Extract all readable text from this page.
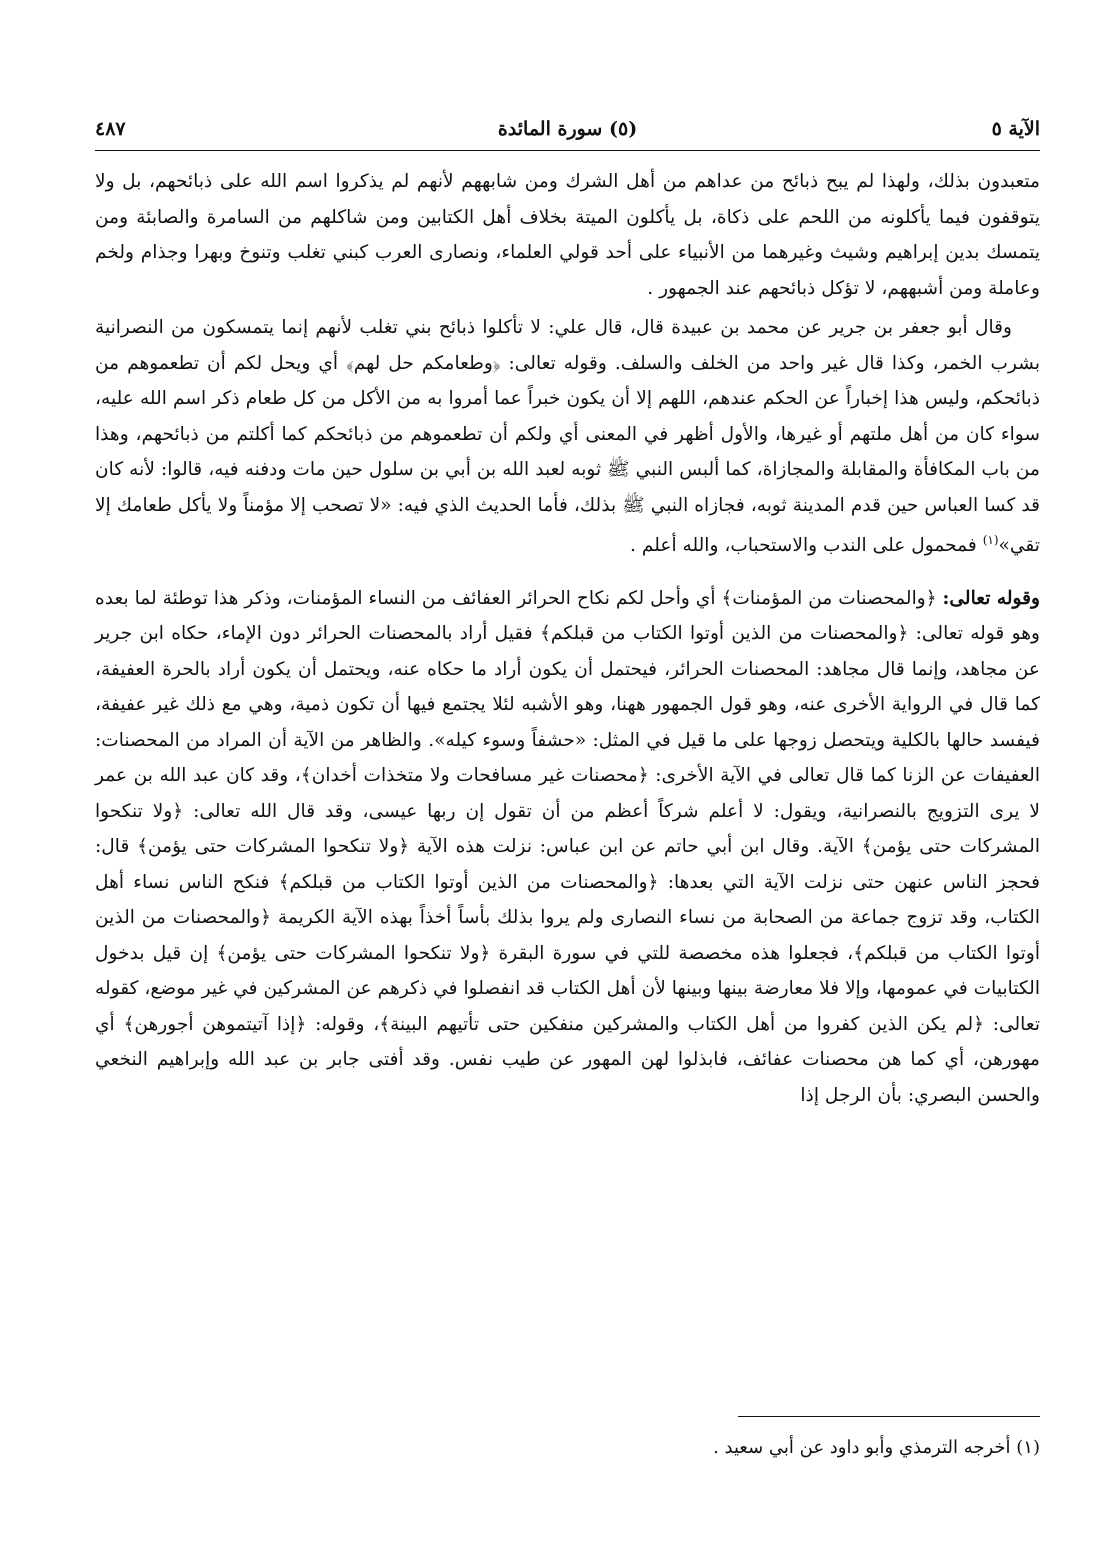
الآية ٥
(٥) سورة المائدة
٤٨٧

متعبدون بذلك، ولهذا لم يبح ذبائح من عداهم من أهل الشرك ومن شابههم لأنهم لم يذكروا اسم الله على ذبائحهم، بل ولا يتوقفون فيما يأكلونه من اللحم على ذكاة، بل يأكلون الميتة بخلاف أهل الكتابين ومن شاكلهم من السامرة والصابئة ومن يتمسك بدين إبراهيم وشيث وغيرهما من الأنبياء على أحد قولي العلماء، ونصارى العرب كبني تغلب وتنوخ وبهرا وجذام ولخم وعاملة ومن أشبههم، لا تؤكل ذبائحهم عند الجمهور .

وقال أبو جعفر بن جرير عن محمد بن عبيدة قال، قال علي: لا تأكلوا ذبائح بني تغلب لأنهم إنما يتمسكون من النصرانية بشرب الخمر، وكذا قال غير واحد من الخلف والسلف. وقوله تعالى: ﴿وطعامكم حل لهم﴾ أي ويحل لكم أن تطعموهم من ذبائحكم، وليس هذا إخباراً عن الحكم عندهم، اللهم إلا أن يكون خبراً عما أمروا به من الأكل من كل طعام ذكر اسم الله عليه، سواء كان من أهل ملتهم أو غيرها، والأول أظهر في المعنى أي ولكم أن تطعموهم من ذبائحكم كما أكلتم من ذبائحهم، وهذا من باب المكافأة والمقابلة والمجازاة، كما ألبس النبي ﷺ ثوبه لعبد الله بن أبي بن سلول حين مات ودفنه فيه، قالوا: لأنه كان قد كسا العباس حين قدم المدينة ثوبه، فجازاه النبي ﷺ بذلك، فأما الحديث الذي فيه: «لا تصحب إلا مؤمناً ولا يأكل طعامك إلا تقي»$^{(١)}$ فمحمول على الندب والاستحباب، والله أعلم .

وقوله تعالى: ﴿والمحصنات من المؤمنات﴾ أي وأحل لكم نكاح الحرائر العفائف من النساء المؤمنات، وذكر هذا توطئة لما بعده وهو قوله تعالى: ﴿والمحصنات من الذين أوتوا الكتاب من قبلكم﴾ فقيل أراد بالمحصنات الحرائر دون الإماء، حكاه ابن جرير عن مجاهد، وإنما قال مجاهد: المحصنات الحرائر، فيحتمل أن يكون أراد ما حكاه عنه، ويحتمل أن يكون أراد بالحرة العفيفة، كما قال في الرواية الأخرى عنه، وهو قول الجمهور ههنا، وهو الأشبه لئلا يجتمع فيها أن تكون ذمية، وهي مع ذلك غير عفيفة، فيفسد حالها بالكلية ويتحصل زوجها على ما قيل في المثل: «حشفاً وسوء كيله». والظاهر من الآية أن المراد من المحصنات: العفيفات عن الزنا كما قال تعالى في الآية الأخرى: ﴿محصنات غير مسافحات ولا متخذات أخدان﴾، وقد كان عبد الله بن عمر لا يرى التزويج بالنصرانية، ويقول: لا أعلم شركاً أعظم من أن تقول إن ربها عيسى، وقد قال الله تعالى: ﴿ولا تنكحوا المشركات حتى يؤمن﴾ الآية. وقال ابن أبي حاتم عن ابن عباس: نزلت هذه الآية ﴿ولا تنكحوا المشركات حتى يؤمن﴾ قال: فحجز الناس عنهن حتى نزلت الآية التي بعدها: ﴿والمحصنات من الذين أوتوا الكتاب من قبلكم﴾ فنكح الناس نساء أهل الكتاب، وقد تزوج جماعة من الصحابة من نساء النصارى ولم يروا بذلك بأساً أخذاً بهذه الآية الكريمة ﴿والمحصنات من الذين أوتوا الكتاب من قبلكم﴾، فجعلوا هذه مخصصة للتي في سورة البقرة ﴿ولا تنكحوا المشركات حتى يؤمن﴾ إن قيل بدخول الكتابيات في عمومها، وإلا فلا معارضة بينها وبينها لأن أهل الكتاب قد انفصلوا في ذكرهم عن المشركين في غير موضع، كقوله تعالى: ﴿لم يكن الذين كفروا من أهل الكتاب والمشركين منفكين حتى تأتيهم البينة﴾، وقوله: ﴿إذا آتيتموهن أجورهن﴾ أي مهورهن، أي كما هن محصنات عفائف، فابذلوا لهن المهور عن طيب نفس. وقد أفتى جابر بن عبد الله وإبراهيم النخعي والحسن البصري: بأن الرجل إذا

(١) أخرجه الترمذي وأبو داود عن أبي سعيد .
